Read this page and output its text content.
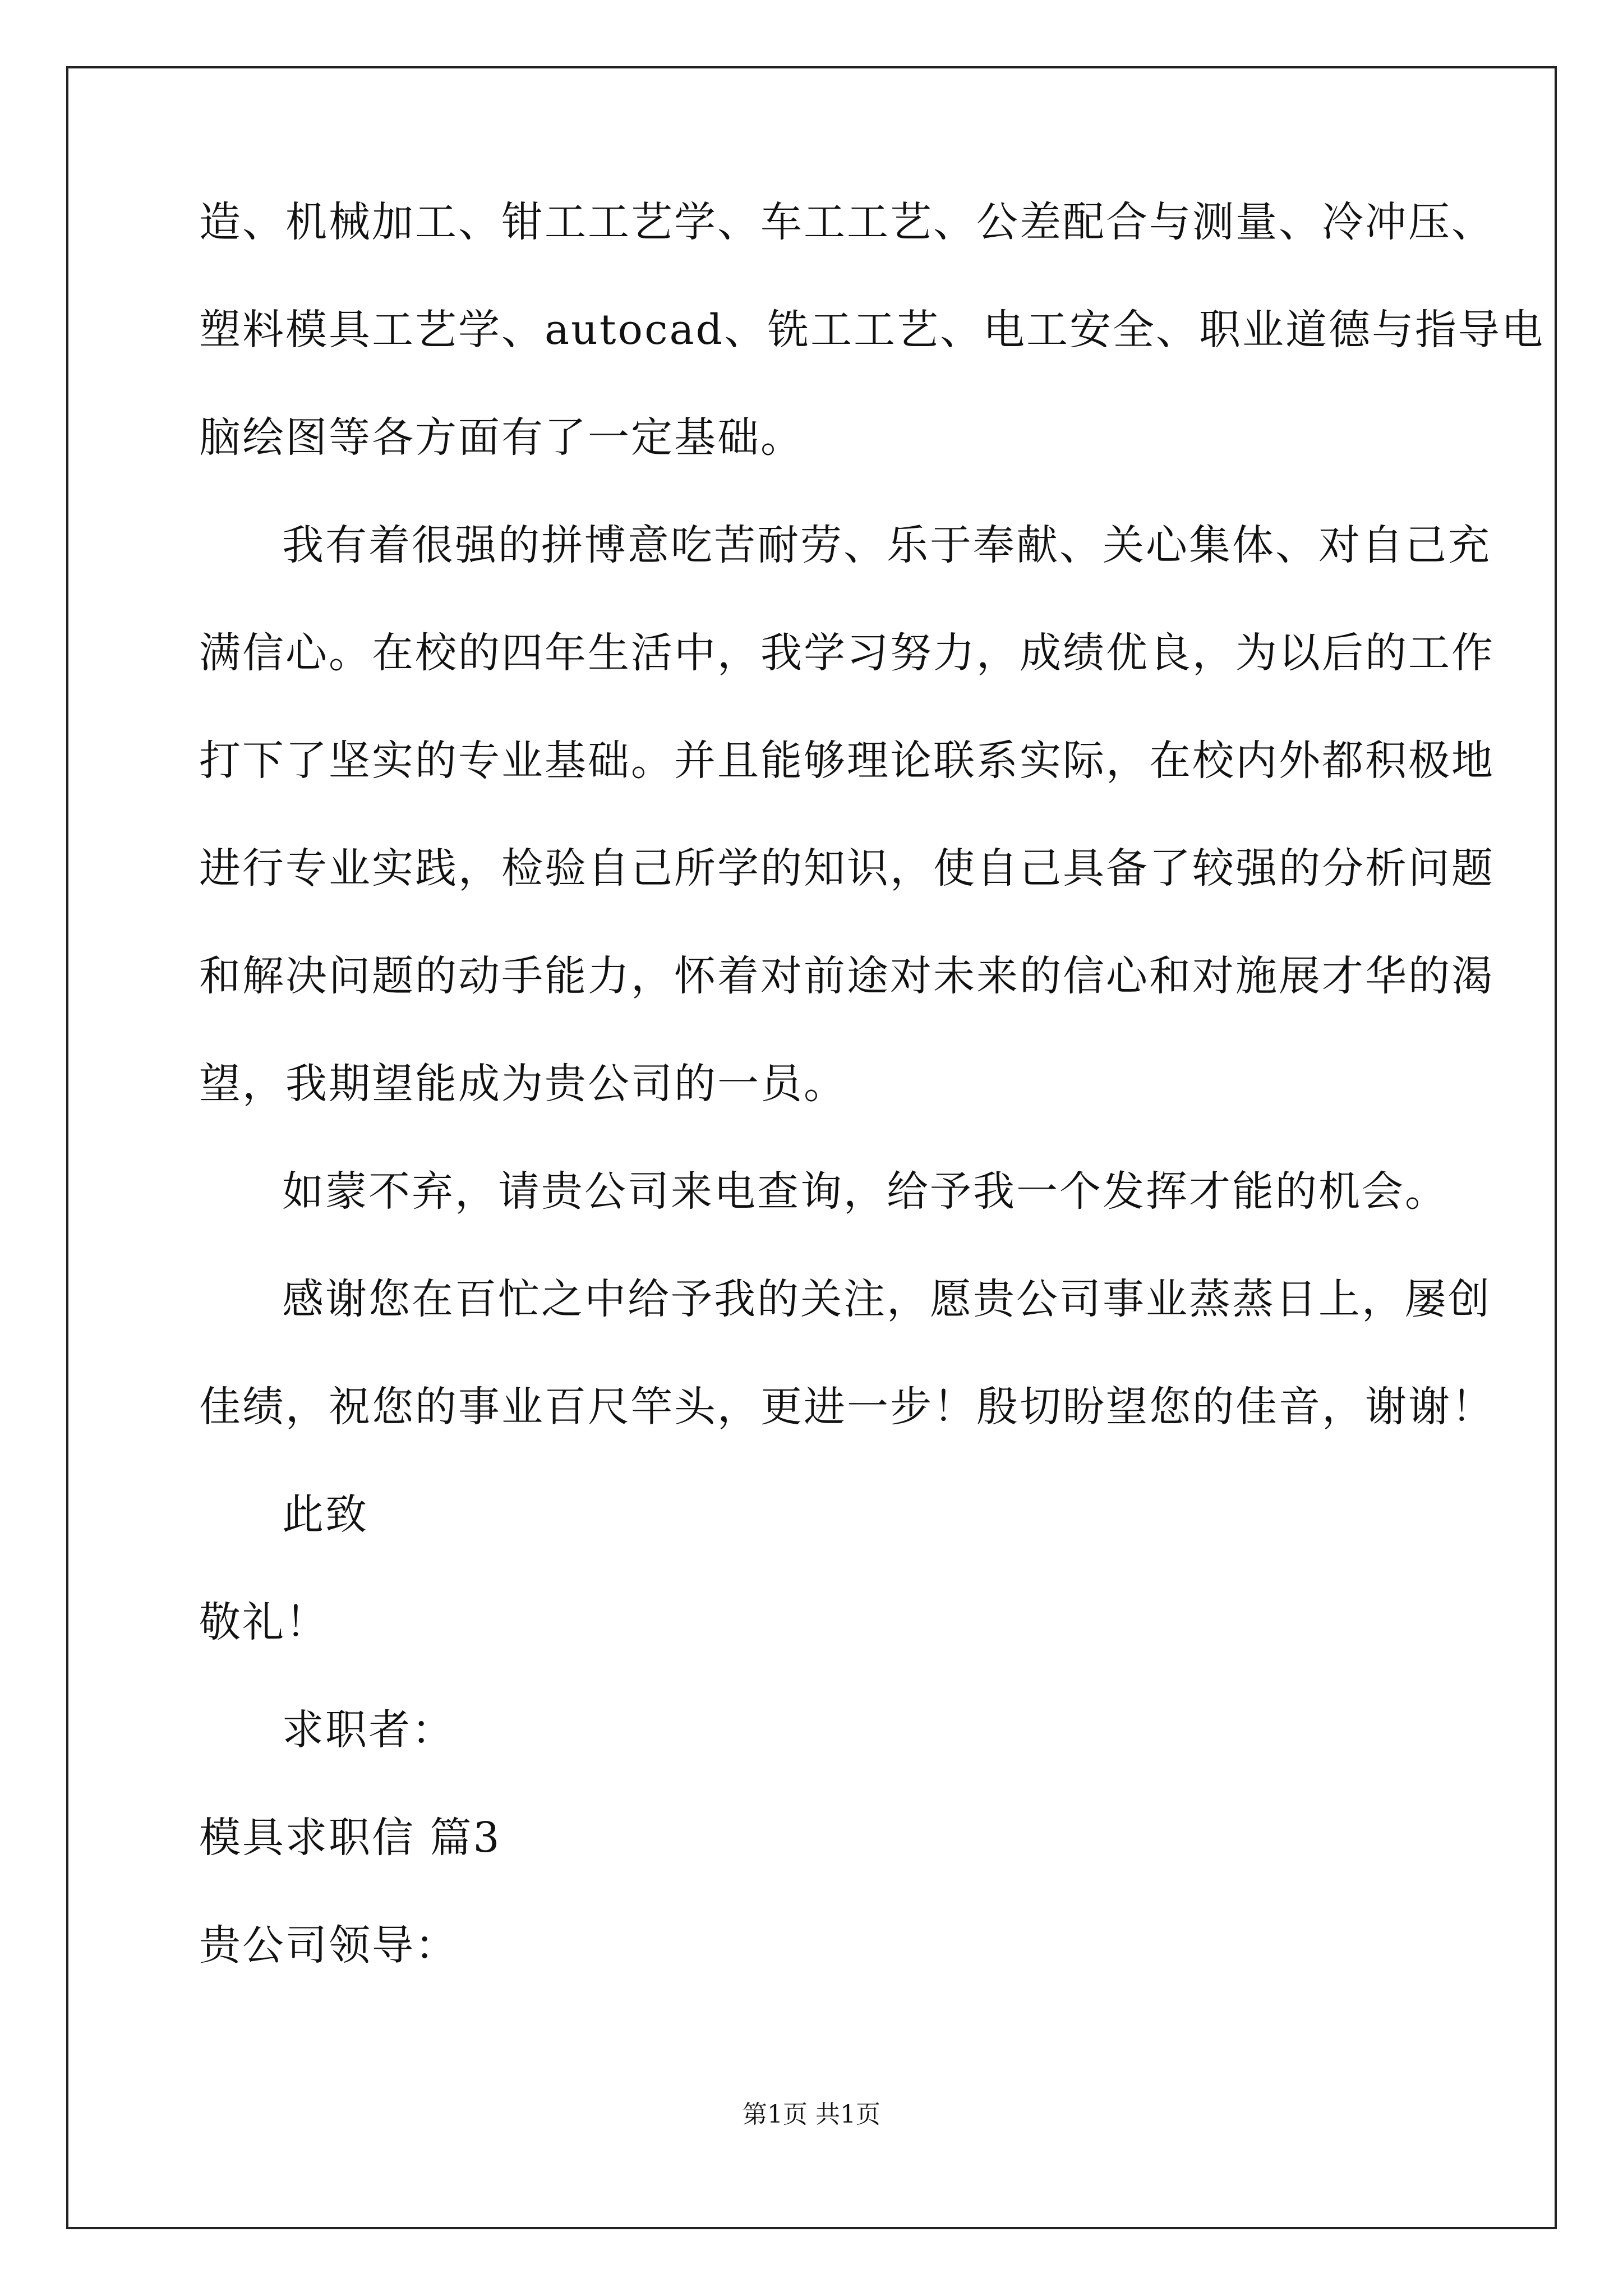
造、机械加工、钳工工艺学、车工工艺、公差配合与测量、冷冲压、
塑料模具工艺学、autocad、铣工工艺、电工安全、职业道德与指导电
脑绘图等各方面有了一定基础。
我有着很强的拼博意吃苦耐劳、乐于奉献、关心集体、对自己充
满信心。在校的四年生活中，我学习努力，成绩优良，为以后的工作
打下了坚实的专业基础。并且能够理论联系实际，在校内外都积极地
进行专业实践，检验自己所学的知识，使自己具备了较强的分析问题
和解决问题的动手能力，怀着对前途对未来的信心和对施展才华的渴
望，我期望能成为贵公司的一员。
如蒙不弃，请贵公司来电查询，给予我一个发挥才能的机会。
感谢您在百忙之中给予我的关注，愿贵公司事业蒸蒸日上，屡创
佳绩，祝您的事业百尺竿头，更进一步！殷切盼望您的佳音，谢谢！
此致
敬礼！
求职者：
模具求职信 篇3
贵公司领导：
第1页 共1页
